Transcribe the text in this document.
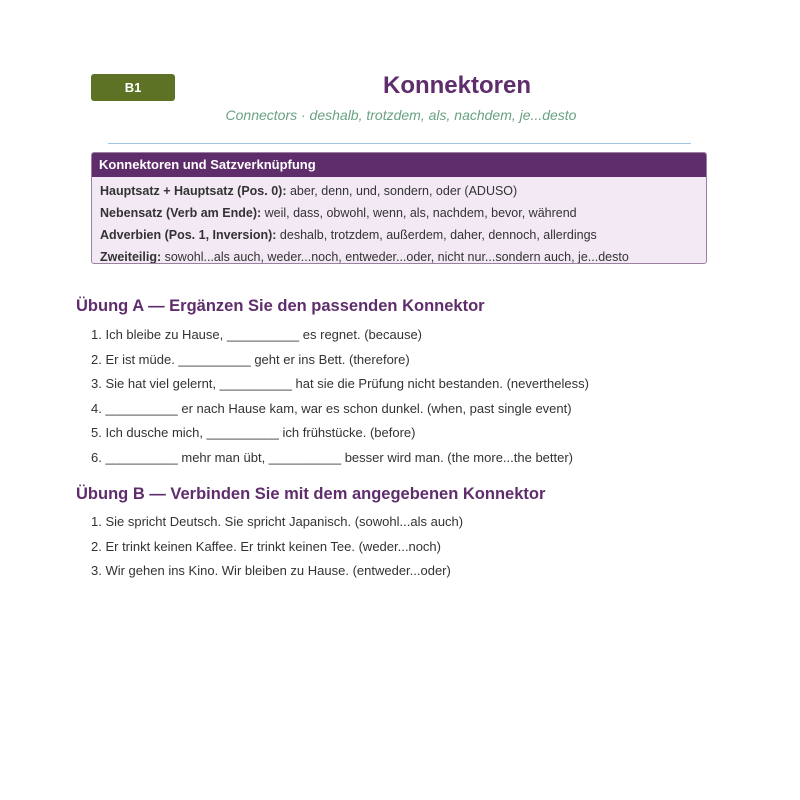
B1	Konnektoren
Connectors · deshalb, trotzdem, als, nachdem, je...desto
Konnektoren und Satzverknüpfung
Hauptsatz + Hauptsatz (Pos. 0): aber, denn, und, sondern, oder (ADUSO)
Nebensatz (Verb am Ende): weil, dass, obwohl, wenn, als, nachdem, bevor, während
Adverbien (Pos. 1, Inversion): deshalb, trotzdem, außerdem, daher, dennoch, allerdings
Zweiteilig: sowohl...als auch, weder...noch, entweder...oder, nicht nur...sondern auch, je...desto
Übung A — Ergänzen Sie den passenden Konnektor
1. Ich bleibe zu Hause, __________ es regnet. (because)
2. Er ist müde. __________ geht er ins Bett. (therefore)
3. Sie hat viel gelernt, __________ hat sie die Prüfung nicht bestanden. (nevertheless)
4. __________ er nach Hause kam, war es schon dunkel. (when, past single event)
5. Ich dusche mich, __________ ich frühstücke. (before)
6. __________ mehr man übt, __________ besser wird man. (the more...the better)
Übung B — Verbinden Sie mit dem angegebenen Konnektor
1. Sie spricht Deutsch. Sie spricht Japanisch. (sowohl...als auch)
2. Er trinkt keinen Kaffee. Er trinkt keinen Tee. (weder...noch)
3. Wir gehen ins Kino. Wir bleiben zu Hause. (entweder...oder)
